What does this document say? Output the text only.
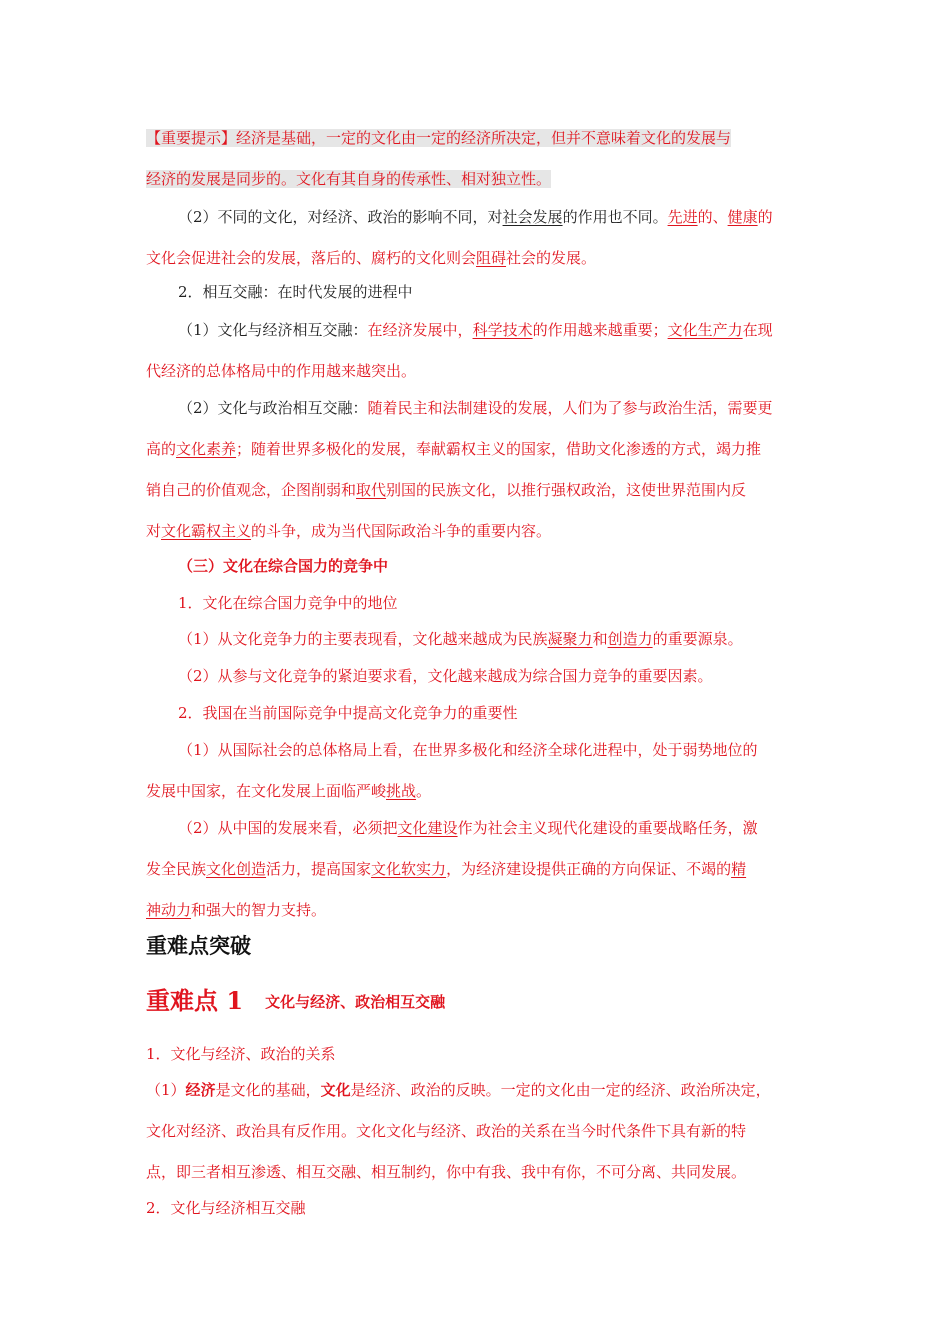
【重要提示】经济是基础，一定的文化由一定的经济所决定，但并不意味着文化的发展与
经济的发展是同步的。文化有其自身的传承性、相对独立性。
（2）不同的文化，对经济、政治的影响不同，对社会发展的作用也不同。先进的、健康的
文化会促进社会的发展，落后的、腐朽的文化则会阻碍社会的发展。
2．相互交融：在时代发展的进程中
（1）文化与经济相互交融：在经济发展中，科学技术的作用越来越重要；文化生产力在现
代经济的总体格局中的作用越来越突出。
（2）文化与政治相互交融：随着民主和法制建设的发展，人们为了参与政治生活，需要更
高的文化素养；随着世界多极化的发展，奉献霸权主义的国家，借助文化渗透的方式，竭力推
销自己的价值观念，企图削弱和取代别国的民族文化，以推行强权政治，这使世界范围内反
对文化霸权主义的斗争，成为当代国际政治斗争的重要内容。
（三）文化在综合国力的竞争中
1．文化在综合国力竞争中的地位
（1）从文化竞争力的主要表现看，文化越来越成为民族凝聚力和创造力的重要源泉。
（2）从参与文化竞争的紧迫要求看，文化越来越成为综合国力竞争的重要因素。
2．我国在当前国际竞争中提高文化竞争力的重要性
（1）从国际社会的总体格局上看，在世界多极化和经济全球化进程中，处于弱势地位的
发展中国家，在文化发展上面临严峻挑战。
（2）从中国的发展来看，必须把文化建设作为社会主义现代化建设的重要战略任务，激
发全民族文化创造活力，提高国家文化软实力，为经济建设提供正确的方向保证、不竭的精
神动力和强大的智力支持。
重难点突破
重难点 1 文化与经济、政治相互交融
1．文化与经济、政治的关系
（1）经济是文化的基础，文化是经济、政治的反映。一定的文化由一定的经济、政治所决定，
文化对经济、政治具有反作用。文化文化与经济、政治的关系在当今时代条件下具有新的特
点，即三者相互渗透、相互交融、相互制约，你中有我、我中有你，不可分离、共同发展。
2．文化与经济相互交融
